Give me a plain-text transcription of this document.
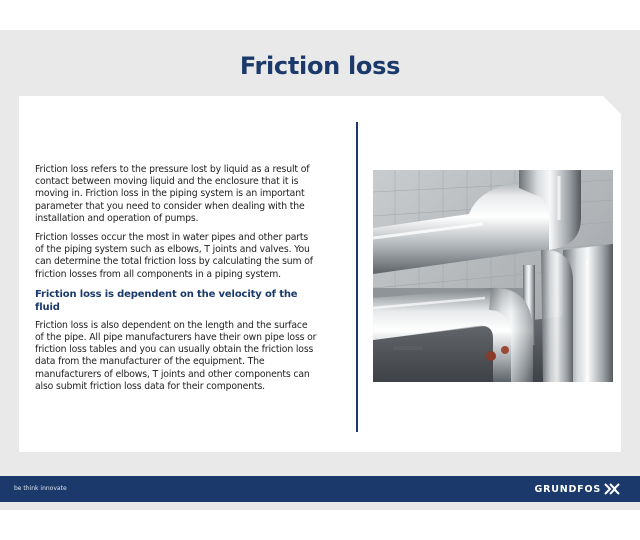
Friction loss

Friction loss refers to the pressure lost by liquid as a result of contact between moving liquid and the enclosure that it is moving in. Friction loss in the piping system is an important parameter that you need to consider when dealing with the installation and operation of pumps.

Friction losses occur the most in water pipes and other parts of the piping system such as elbows, T joints and valves. You can determine the total friction loss by calculating the sum of friction losses from all components in a piping system.

Friction loss is dependent on the velocity of the fluid

Friction loss is also dependent on the length and the surface of the pipe. All pipe manufacturers have their own pipe loss or friction loss tables and you can usually obtain the friction loss data from the manufacturer of the equipment. The manufacturers of elbows, T joints and other components can also submit friction loss data for their components.

be think innovate	GRUNDFOS
